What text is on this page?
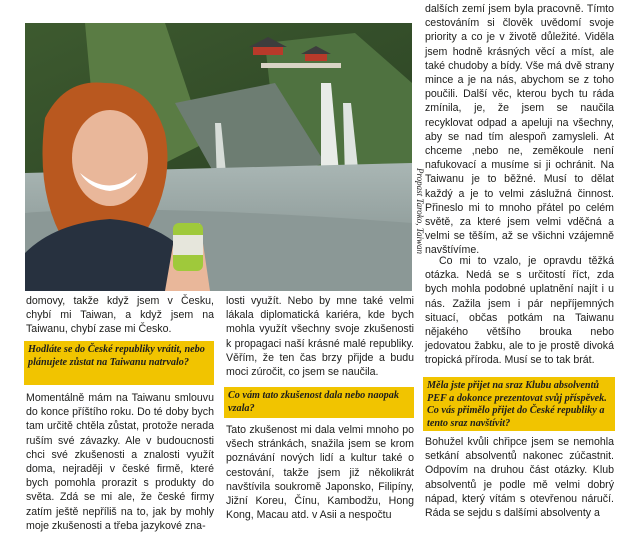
Propast Taroko, Taiwan

domovy, takže když jsem v Česku, chybí mi Taiwan, a když jsem na Taiwanu, chybí zase mi Česko.

Hodláte se do České republiky vrátit, nebo plánujete zůstat na Taiwanu natrvalo?

Momentálně mám na Taiwanu smlouvu do konce příštího roku. Do té doby bych tam určitě chtěla zůstat, protože nerada ruším své závazky. Ale v budoucnosti chci své zkušenosti a znalosti využít doma, nejraději v české firmě, které bych pomohla prorazit s produkty do světa. Zdá se mi ale, že české firmy zatím ještě nepříliš na to, jak by mohly moje zkušenosti a třeba jazykové zna-

losti využít. Nebo by mne také velmi lákala diplomatická kariéra, kde bych mohla využít všechny svoje zkušenosti k propagaci naší krásné malé republiky. Věřím, že ten čas brzy přijde a budu moci zúročit, co jsem se naučila.

Co vám tato zkušenost dala nebo naopak vzala?

Tato zkušenost mi dala velmi mnoho po všech stránkách, snažila jsem se krom poznávání nových lidí a kultur také o cestování, takže jsem již několikrát navštívila soukromě Japonsko, Filipíny, Jižní Koreu, Čínu, Kambodžu, Hong Kong, Macau atd. v Asii a nespočtu

dalších zemí jsem byla pracovně. Tímto cestováním si člověk uvědomí svoje priority a co je v životě důležité. Viděla jsem hodně krásných věcí a míst, ale také chudoby a bídy. Vše má dvě strany mince a je na nás, abychom se z toho poučili. Další věc, kterou bych tu ráda zmínila, je, že jsem se naučila recyklovat odpad a apeluji na všechny, aby se nad tím alespoň zamysleli. At chceme ,nebo ne, zeměkoule není nafukovací a musíme si ji ochránit. Na Taiwanu je to běžné. Musí to dělat každý a je to velmi záslužná činnost. Přineslo mi to mnoho přátel po celém světě, za které jsem velmi vděčná a velmi se těším, až se všichni vzájemně navštívíme.

Co mi to vzalo, je opravdu těžká otázka. Nedá se s určitostí říct, zda bych mohla podobné uplatnění najít i u nás. Zažila jsem i pár nepříjemných situací, občas potkám na Taiwanu nějakého většího brouka nebo jedovatou žabku, ale to je prostě divoká tropická příroda. Musí se to tak brát.

Měla jste přijet na sraz Klubu absolventů PEF a dokonce prezentovat svůj příspěvek. Co vás přimělo přijet do České republiky a tento sraz navštívit?

Bohužel kvůli chřipce jsem se nemohla setkání absolventů nakonec zúčastnit. Odpovím na druhou část otázky. Klub absolventů je podle mě velmi dobrý nápad, který vítám s otevřenou náručí. Ráda se sejdu s dalšími absolventy a
